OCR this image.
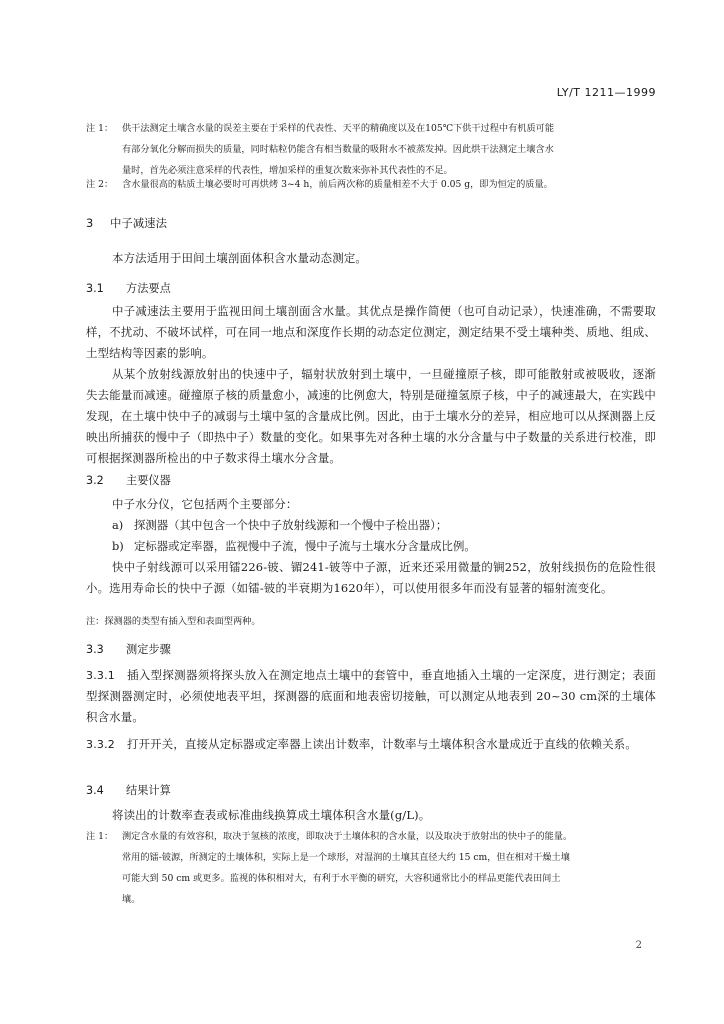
LY/T 1211—1999
注 1： 供干法测定土壤含水量的误差主要在于采样的代表性、天平的精确度以及在105℃下供干过程中有机质可能
有部分氧化分解而损失的质量，同时粘粒仍能含有相当数量的吸附水不被蒸发掉。因此烘干法测定土壤含水
量时，首先必须注意采样的代表性，增加采样的重复次数来弥补其代表性的不足。
注 2： 含水量很高的粘质土壤必要时可再烘烤 3~4 h，前后两次称的质量相差不大于 0.05 g，即为恒定的质量。
3 中子减速法
本方法适用于田间土壤剖面体积含水量动态测定。
3.1 方法要点
中子减速法主要用于监视田间土壤剖面含水量。其优点是操作简便（也可自动记录），快速准确，不需要取样，不扰动、不破坏试样，可在同一地点和深度作长期的动态定位测定，测定结果不受土壤种类、质地、组成、土型结构等因素的影响。
从某个放射线源放射出的快速中子，辐射状放射到土壤中，一旦碰撞原子核，即可能散射或被吸收，逐渐失去能量而减速。碰撞原子核的质量愈小，减速的比例愈大，特别是碰撞氢原子核，中子的减速最大，在实践中发现，在土壤中快中子的减弱与土壤中氢的含量成比例。因此，由于土壤水分的差异，相应地可以从探测器上反映出所捕获的慢中子（即热中子）数量的变化。如果事先对各种土壤的水分含量与中子数量的关系进行校准，即可根据探测器所检出的中子数求得土壤水分含量。
3.2 主要仪器
中子水分仪，它包括两个主要部分：
a) 探测器（其中包含一个快中子放射线源和一个慢中子检出器）；
b) 定标器或定率器，监视慢中子流，慢中子流与土壤水分含量成比例。
快中子射线源可以采用镭226-铍、镅241-铍等中子源，近来还采用微量的锎252，放射线损伤的危险性很小。选用寿命长的快中子源（如镭-铍的半衰期为1620年），可以使用很多年而没有显著的辐射流变化。
注：探测器的类型有插入型和表面型两种。
3.3 测定步骤
3.3.1 插入型探测器须将探头放入在测定地点土壤中的套管中，垂直地插入土壤的一定深度，进行测定；表面型探测器测定时，必须使地表平坦，探测器的底面和地表密切接触，可以测定从地表到 20~30 cm深的土壤体积含水量。
3.3.2 打开开关，直接从定标器或定率器上读出计数率，计数率与土壤体积含水量成近于直线的依赖关系。
3.4 结果计算
将读出的计数率查表或标准曲线换算成土壤体积含水量(g/L)。
注 1： 测定含水量的有效容积，取决于氢核的浓度，即取决于土壤体积的含水量，以及取决于放射出的快中子的能量。
常用的镭-铍源，所测定的土壤体积，实际上是一个球形，对湿润的土壤其直径大约 15 cm，但在相对干燥土壤
可能大到 50 cm 或更多。监视的体积相对大，有利于水平衡的研究，大容积通常比小的样品更能代表田间土
壤。
2
